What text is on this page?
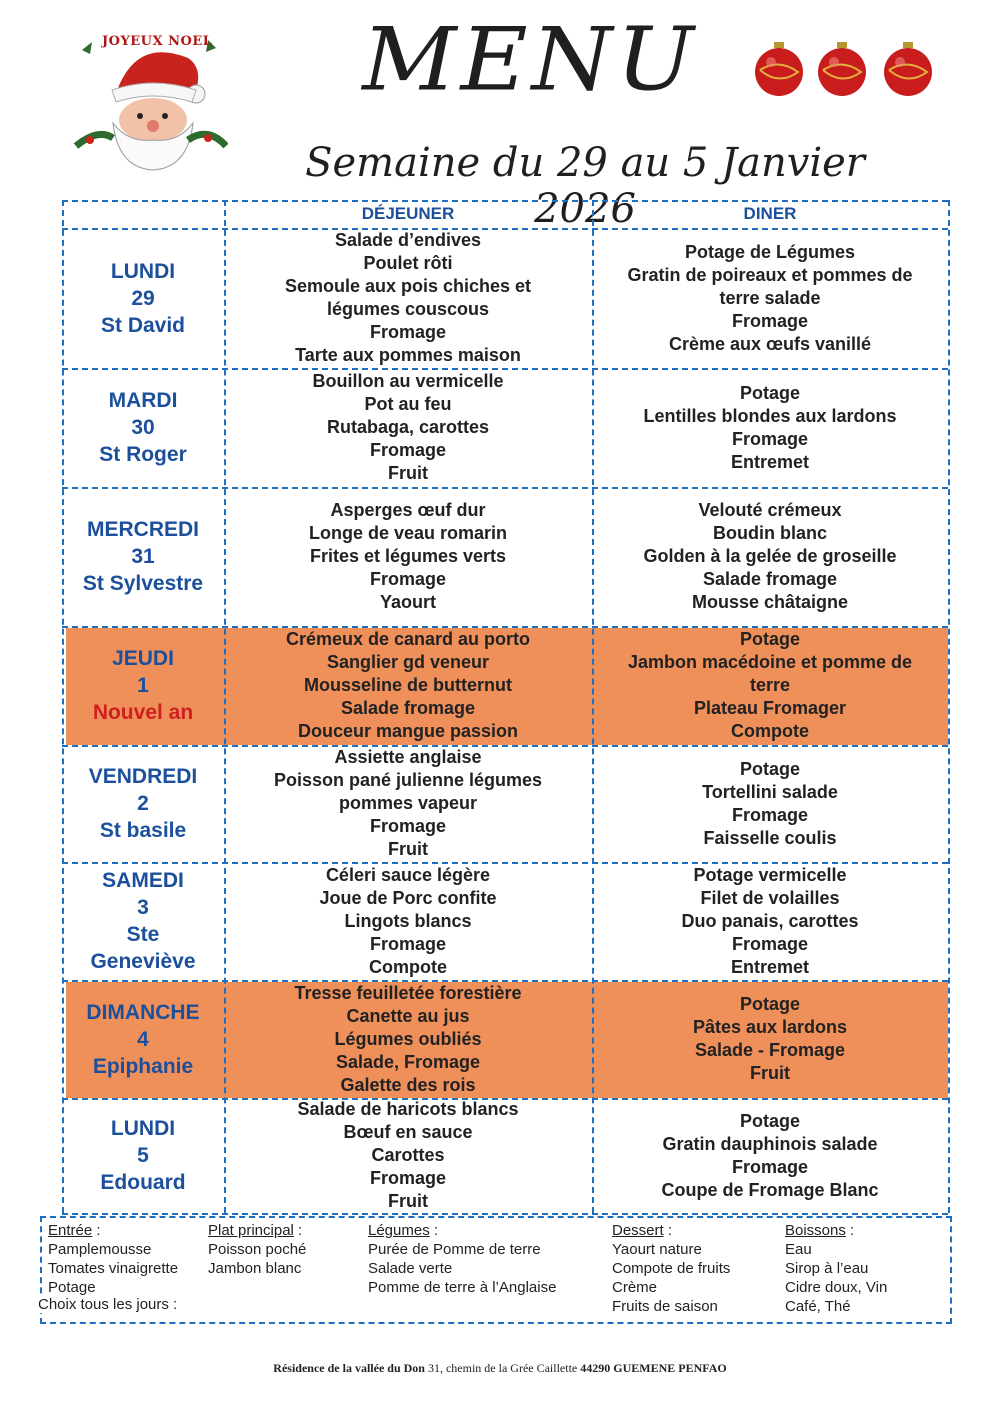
JOYEUX NOEL MENU
Semaine du 29 au 5 Janvier 2026
DÉJEUNER	DINER
LUNDI
29
St David
Salade d’endives
Poulet rôti
Semoule aux pois chiches et
légumes couscous
Fromage
Tarte aux pommes maison
Potage de Légumes
Gratin de poireaux et pommes de
terre salade
Fromage
Crème aux œufs vanillé
MARDI
30
St Roger
Bouillon au vermicelle
Pot au feu
Rutabaga, carottes
Fromage
Fruit
Potage
Lentilles blondes aux lardons
Fromage
Entremet
MERCREDI
31
St Sylvestre
Asperges œuf dur
Longe de veau romarin
Frites et légumes verts
Fromage
Yaourt
Velouté crémeux
Boudin blanc
Golden à la gelée de groseille
Salade fromage
Mousse châtaigne
JEUDI
1
Nouvel an
Crémeux de canard au porto
Sanglier gd veneur
Mousseline de butternut
Salade fromage
Douceur mangue passion
Potage
Jambon macédoine et pomme de
terre
Plateau Fromager
Compote
VENDREDI
2
St basile
Assiette anglaise
Poisson pané julienne légumes
pommes vapeur
Fromage
Fruit
Potage
Tortellini salade
Fromage
Faisselle coulis
SAMEDI
3
Ste
Geneviève
Céleri sauce légère
Joue de Porc confite
Lingots blancs
Fromage
Compote
Potage vermicelle
Filet de volailles
Duo panais, carottes
Fromage
Entremet
DIMANCHE
4
Epiphanie
Tresse feuilletée forestière
Canette au jus
Légumes oubliés
Salade, Fromage
Galette des rois
Potage
Pâtes aux lardons
Salade - Fromage
Fruit
LUNDI
5
Edouard
Salade de haricots blancs
Bœuf en sauce
Carottes
Fromage
Fruit
Potage
Gratin dauphinois salade
Fromage
Coupe de Fromage Blanc
Entrée :
Pamplemousse
Tomates vinaigrette
Potage
Plat principal :
Poisson poché
Jambon blanc
Légumes :
Purée de Pomme de terre
Salade verte
Pomme de terre à l’Anglaise
Dessert :
Yaourt nature
Compote de fruits
Crème
Fruits de saison
Boissons :
Eau
Sirop à l’eau
Cidre doux, Vin
Café, Thé
Choix tous les jours :
Résidence de la vallée du Don 31, chemin de la Grée Caillette 44290 GUEMENE PENFAO
